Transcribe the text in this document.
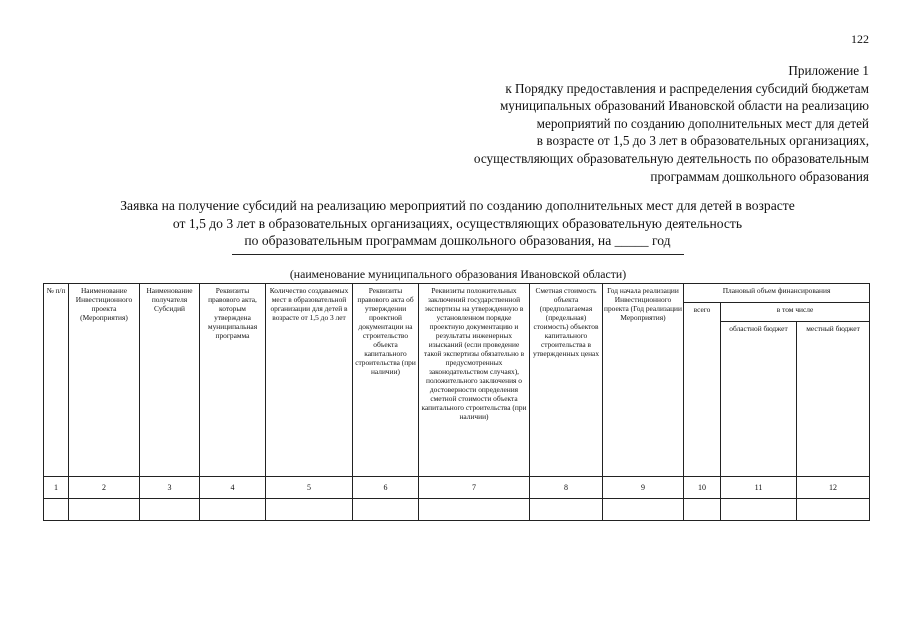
122
Приложение 1
к Порядку предоставления и распределения субсидий бюджетам
муниципальных образований Ивановской области на реализацию
мероприятий по созданию дополнительных мест для детей
в возрасте от 1,5 до 3 лет в образовательных организациях,
осуществляющих образовательную деятельность по образовательным
программам дошкольного образования
Заявка на получение субсидий на реализацию мероприятий по созданию дополнительных мест для детей в возрасте
от 1,5 до 3 лет в образовательных организациях, осуществляющих образовательную деятельность
по образовательным программам дошкольного образования, на _____ год
(наименование муниципального образования Ивановской области)
№ п/п	Наименование Инвестиционного проекта (Мероприятия)	Наименование получателя Субсидий	Реквизиты правового акта, которым утверждена муниципальная программа	Количество создаваемых мест в образовательной организации для детей в возрасте от 1,5 до 3 лет	Реквизиты правового акта об утверждении проектной документации на строительство объекта капитального строительства (при наличии)	Реквизиты положительных заключений государственной экспертизы на утвержденную в установленном порядке проектную документацию и результаты инженерных изысканий (если проведение такой экспертизы обязательно в предусмотренных законодательством случаях), положительного заключения о достоверности определения сметной стоимости объекта капитального строительства (при наличии)	Сметная стоимость объекта (предполагаемая (предельная) стоимость) объектов капитального строительства в утвержденных ценах	Год начала реализации Инвестиционного проекта (Год реализации Мероприятия)	Плановый объем финансирования		
									всего	в том числе	
										областной бюджет	местный бюджет
1	2	3	4	5	6	7	8	9	10	11	12
